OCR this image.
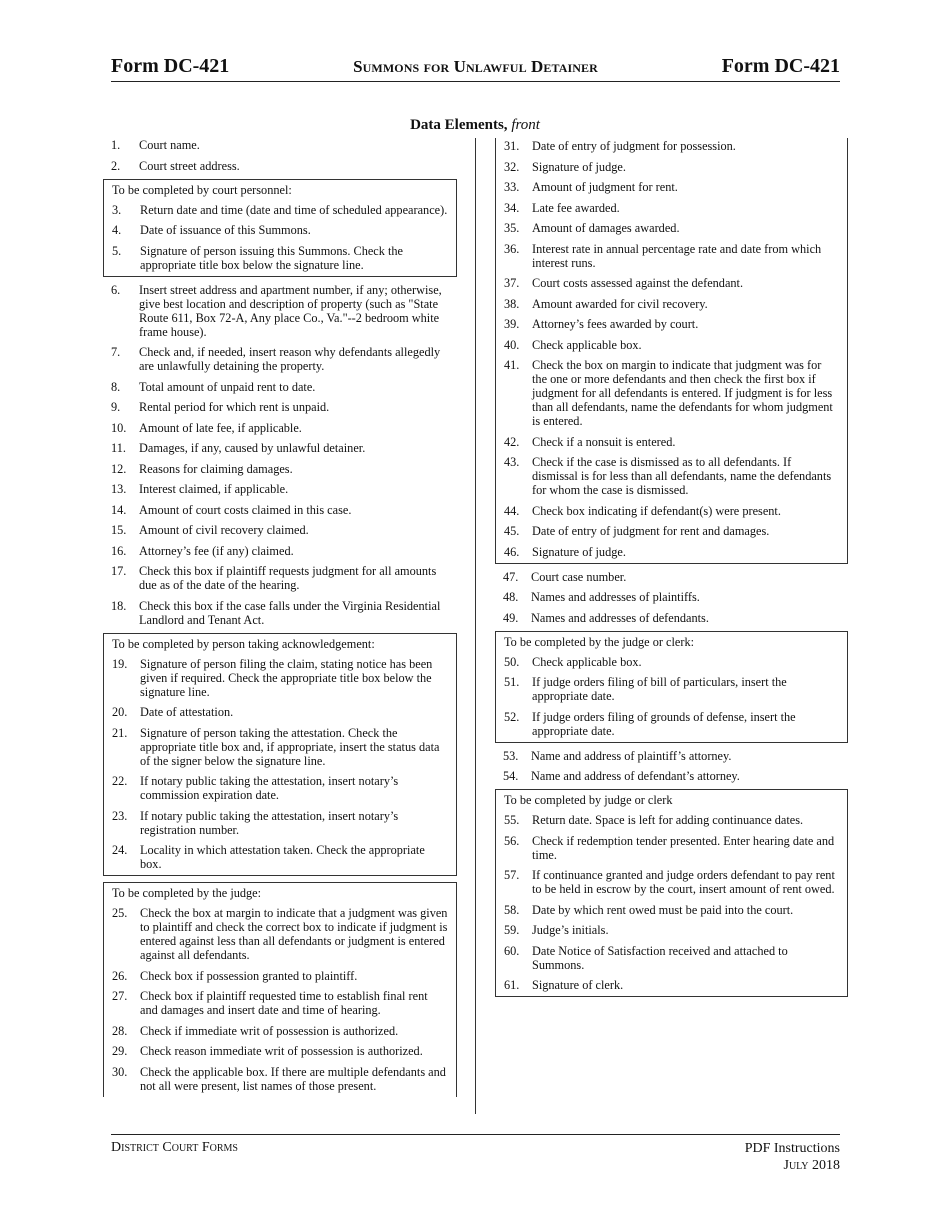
Form DC-421	Summons for Unlawful Detainer	Form DC-421
Data Elements, front
1.	Court name.
2.	Court street address.
To be completed by court personnel:
3.	Return date and time (date and time of scheduled appearance).
4.	Date of issuance of this Summons.
5.	Signature of person issuing this Summons. Check the appropriate title box below the signature line.
6.	Insert street address and apartment number, if any; otherwise, give best location and description of property (such as "State Route 611, Box 72-A, Any place Co., Va."--2 bedroom white frame house).
7.	Check and, if needed, insert reason why defendants allegedly are unlawfully detaining the property.
8.	Total amount of unpaid rent to date.
9.	Rental period for which rent is unpaid.
10.	Amount of late fee, if applicable.
11.	Damages, if any, caused by unlawful detainer.
12.	Reasons for claiming damages.
13.	Interest claimed, if applicable.
14.	Amount of court costs claimed in this case.
15.	Amount of civil recovery claimed.
16.	Attorney’s fee (if any) claimed.
17.	Check this box if plaintiff requests judgment for all amounts due as of the date of the hearing.
18.	Check this box if the case falls under the Virginia Residential Landlord and Tenant Act.
To be completed by person taking acknowledgement:
19.	Signature of person filing the claim, stating notice has been given if required. Check the appropriate title box below the signature line.
20.	Date of attestation.
21.	Signature of person taking the attestation. Check the appropriate title box and, if appropriate, insert the status data of the signer below the signature line.
22.	If notary public taking the attestation, insert notary’s commission expiration date.
23.	If notary public taking the attestation, insert notary’s registration number.
24.	Locality in which attestation taken. Check the appropriate box.
To be completed by the judge:
25.	Check the box at margin to indicate that a judgment was given to plaintiff and check the correct box to indicate if judgment is entered against less than all defendants or judgment is entered against all defendants.
26.	Check box if possession granted to plaintiff.
27.	Check box if plaintiff requested time to establish final rent and damages and insert date and time of hearing.
28.	Check if immediate writ of possession is authorized.
29.	Check reason immediate writ of possession is authorized.
30.	Check the applicable box. If there are multiple defendants and not all were present, list names of those present.
31.	Date of entry of judgment for possession.
32.	Signature of judge.
33.	Amount of judgment for rent.
34.	Late fee awarded.
35.	Amount of damages awarded.
36.	Interest rate in annual percentage rate and date from which interest runs.
37.	Court costs assessed against the defendant.
38.	Amount awarded for civil recovery.
39.	Attorney’s fees awarded by court.
40.	Check applicable box.
41.	Check the box on margin to indicate that judgment was for the one or more defendants and then check the first box if judgment for all defendants is entered. If judgment is for less than all defendants, name the defendants for whom judgment is entered.
42.	Check if a nonsuit is entered.
43.	Check if the case is dismissed as to all defendants. If dismissal is for less than all defendants, name the defendants for whom the case is dismissed.
44.	Check box indicating if defendant(s) were present.
45.	Date of entry of judgment for rent and damages.
46.	Signature of judge.
47.	Court case number.
48.	Names and addresses of plaintiffs.
49.	Names and addresses of defendants.
To be completed by the judge or clerk:
50.	Check applicable box.
51.	If judge orders filing of bill of particulars, insert the appropriate date.
52.	If judge orders filing of grounds of defense, insert the appropriate date.
53.	Name and address of plaintiff’s attorney.
54.	Name and address of defendant’s attorney.
To be completed by judge or clerk
55.	Return date. Space is left for adding continuance dates.
56.	Check if redemption tender presented. Enter hearing date and time.
57.	If continuance granted and judge orders defendant to pay rent to be held in escrow by the court, insert amount of rent owed.
58.	Date by which rent owed must be paid into the court.
59.	Judge’s initials.
60.	Date Notice of Satisfaction received and attached to Summons.
61.	Signature of clerk.
District Court Forms	PDF Instructions
July 2018
